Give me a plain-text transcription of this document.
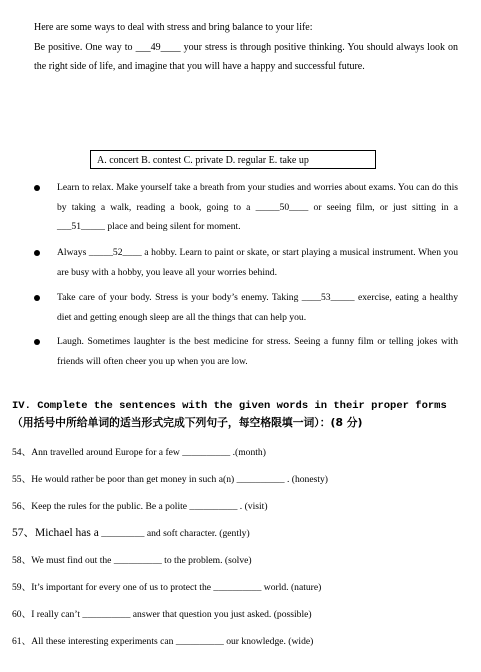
Here are some ways to deal with stress and bring balance to your life:

Be positive. One way to ___49____ your stress is through positive thinking. You should always look on the right side of life, and imagine that you will have a happy and successful future.

A. concert B. contest C. private D. regular E. take up
Learn to relax. Make yourself take a breath from your studies and worries about exams. You can do this by taking a walk, reading a book, going to a _____50____ or seeing film, or just sitting in a ___51_____ place and being silent for moment.
Always _____52____ a hobby. Learn to paint or skate, or start playing a musical instrument. When you are busy with a hobby, you leave all your worries behind.
Take care of your body. Stress is your body’s enemy. Taking ____53_____ exercise, eating a healthy diet and getting enough sleep are all the things that can help you.
Laugh. Sometimes laughter is the best medicine for stress. Seeing a funny film or telling jokes with friends will often cheer you up when you are low.
IV. Complete the sentences with the given words in their proper forms
（用括号中所给单词的适当形式完成下列句子，每空格限填一词）：(8 分)
54、Ann travelled around Europe for a few __________ .(month)
55、He would rather be poor than get money in such a(n) __________ . (honesty)
56、Keep the rules for the public. Be a polite __________ . (visit)
57、Michael has a _________ and soft character. (gently)
58、We must find out the __________ to the problem. (solve)
59、It’s important for every one of us to protect the __________ world. (nature)
60、I really can’t __________ answer that question you just asked. (possible)
61、All these interesting experiments can __________ our knowledge. (wide)
